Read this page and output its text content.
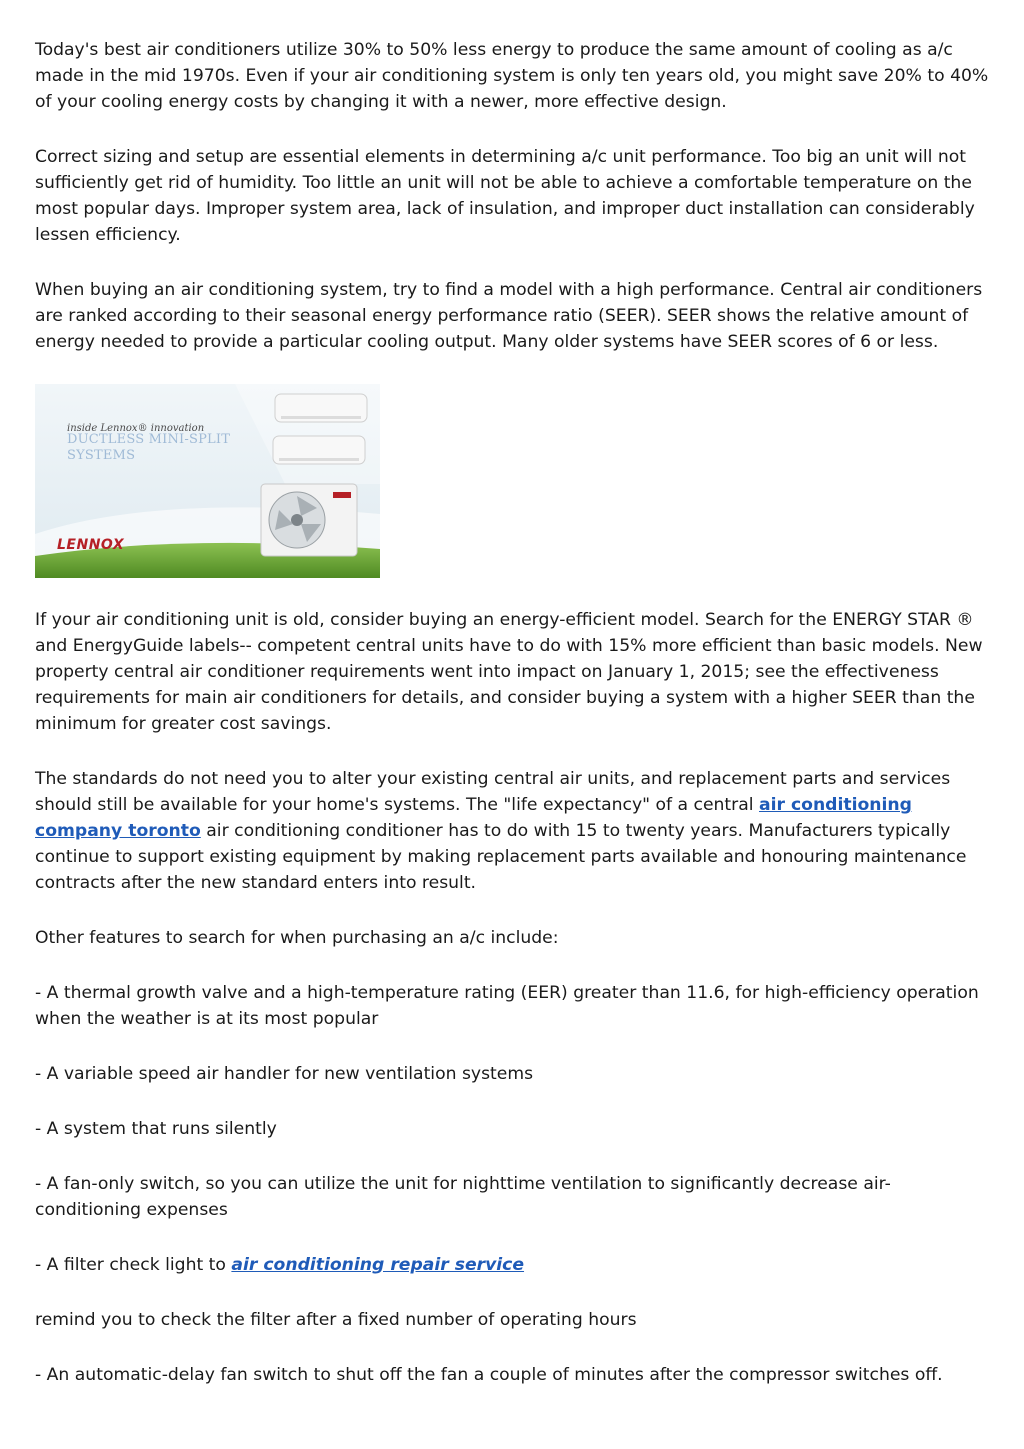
Today's best air conditioners utilize 30% to 50% less energy to produce the same amount of cooling as a/c made in the mid 1970s. Even if your air conditioning system is only ten years old, you might save 20% to 40% of your cooling energy costs by changing it with a newer, more effective design.

Correct sizing and setup are essential elements in determining a/c unit performance. Too big an unit will not sufficiently get rid of humidity. Too little an unit will not be able to achieve a comfortable temperature on the most popular days. Improper system area, lack of insulation, and improper duct installation can considerably lessen efficiency.

When buying an air conditioning system, try to find a model with a high performance. Central air conditioners are ranked according to their seasonal energy performance ratio (SEER). SEER shows the relative amount of energy needed to provide a particular cooling output. Many older systems have SEER scores of 6 or less.

inside Lennox® innovation
DUCTLESS MINI-SPLIT SYSTEMS
LENNOX

If your air conditioning unit is old, consider buying an energy-efficient model. Search for the ENERGY STAR ® and EnergyGuide labels-- competent central units have to do with 15% more efficient than basic models. New property central air conditioner requirements went into impact on January 1, 2015; see the effectiveness requirements for main air conditioners for details, and consider buying a system with a higher SEER than the minimum for greater cost savings.

The standards do not need you to alter your existing central air units, and replacement parts and services should still be available for your home's systems. The "life expectancy" of a central air conditioning company toronto air conditioning conditioner has to do with 15 to twenty years. Manufacturers typically continue to support existing equipment by making replacement parts available and honouring maintenance contracts after the new standard enters into result.

Other features to search for when purchasing an a/c include:

- A thermal growth valve and a high-temperature rating (EER) greater than 11.6, for high-efficiency operation when the weather is at its most popular

- A variable speed air handler for new ventilation systems

- A system that runs silently

- A fan-only switch, so you can utilize the unit for nighttime ventilation to significantly decrease air-conditioning expenses

- A filter check light to air conditioning repair service

remind you to check the filter after a fixed number of operating hours

- An automatic-delay fan switch to shut off the fan a couple of minutes after the compressor switches off.
